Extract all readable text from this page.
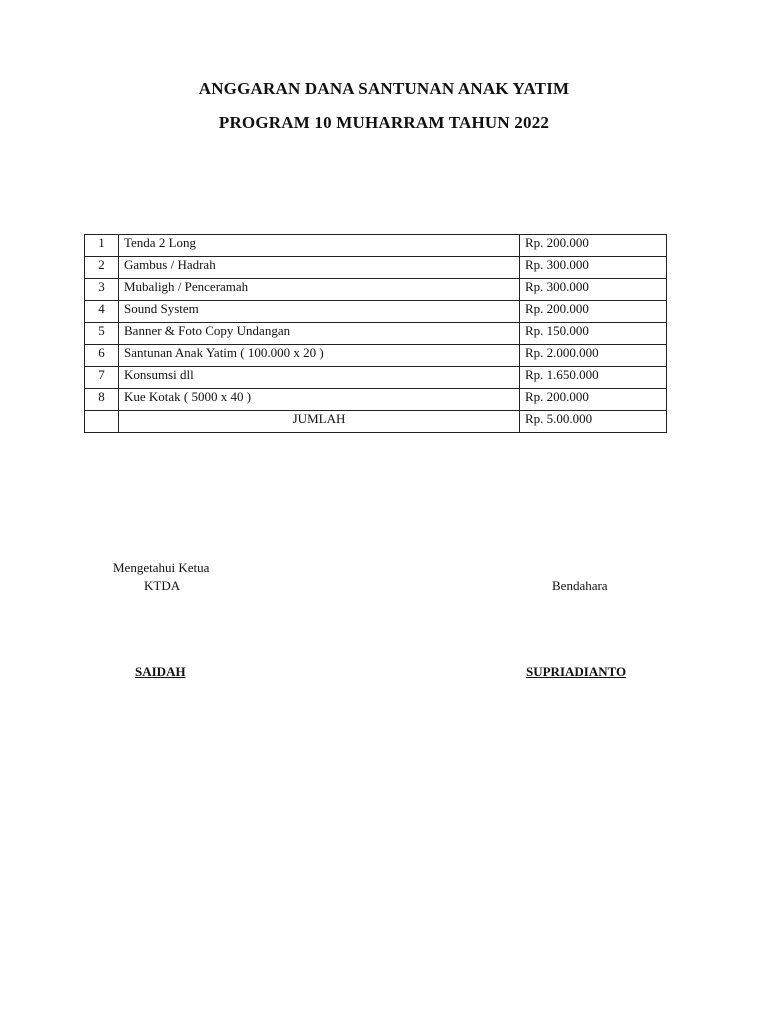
ANGGARAN DANA SANTUNAN ANAK YATIM
PROGRAM 10 MUHARRAM TAHUN 2022
1	Tenda 2 Long	Rp. 200.000
2	Gambus / Hadrah	Rp. 300.000
3	Mubaligh / Penceramah	Rp. 300.000
4	Sound System	Rp. 200.000
5	Banner & Foto Copy Undangan	Rp. 150.000
6	Santunan Anak Yatim ( 100.000 x 20 )	Rp. 2.000.000
7	Konsumsi dll	Rp. 1.650.000
8	Kue Kotak ( 5000 x 40 )	Rp. 200.000
	JUMLAH	Rp. 5.00.000
Mengetahui Ketua
KTDA	Bendahara
SAIDAH	SUPRIADIANTO
